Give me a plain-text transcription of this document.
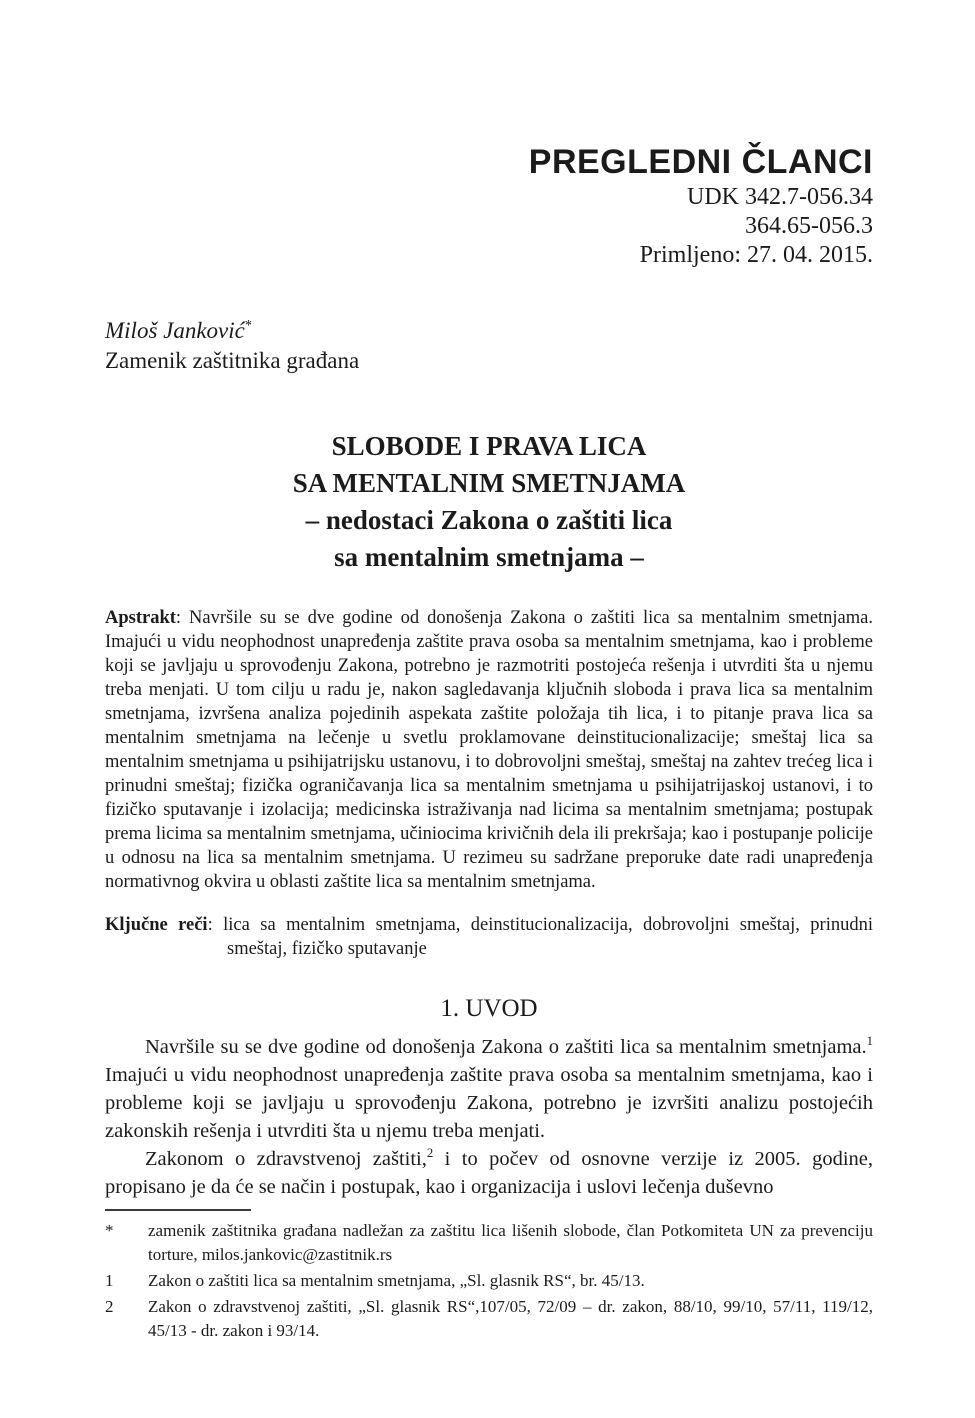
PREGLEDNI ČLANCI
UDK 342.7-056.34
364.65-056.3
Primljeno: 27. 04. 2015.
Miloš Janković*
Zamenik zaštitnika građana
SLOBODE I PRAVA LICA
SA MENTALNIM SMETNJAMA
– nedostaci Zakona o zaštiti lica
sa mentalnim smetnjama –

Apstrakt: Navršile su se dve godine od donošenja Zakona o zaštiti lica sa mentalnim smetnjama. Imajući u vidu neophodnost unapređenja zaštite prava osoba sa mentalnim smetnjama, kao i probleme koji se javljaju u sprovođenju Zakona, potrebno je razmotriti postojeća rešenja i utvrditi šta u njemu treba menjati. U tom cilju u radu je, nakon sagledavanja ključnih sloboda i prava lica sa mentalnim smetnjama, izvršena analiza pojedinih aspekata zaštite položaja tih lica, i to pitanje prava lica sa mentalnim smetnjama na lečenje u svetlu proklamovane deinstitucionalizacije; smeštaj lica sa mentalnim smetnjama u psihijatrijsku ustanovu, i to dobrovoljni smeštaj, smeštaj na zahtev trećeg lica i prinudni smeštaj; fizička ograničavanja lica sa mentalnim smetnjama u psihijatrijaskoj ustanovi, i to fizičko sputavanje i izolacija; medicinska istraživanja nad licima sa mentalnim smetnjama; postupak prema licima sa mentalnim smetnjama, učiniocima krivičnih dela ili prekršaja; kao i postupanje policije u odnosu na lica sa mentalnim smetnjama. U rezimeu su sadržane preporuke date radi unapređenja normativnog okvira u oblasti zaštite lica sa mentalnim smetnjama.

Ključne reči: lica sa mentalnim smetnjama, deinstitucionalizacija, dobrovoljni smeštaj, prinudni smeštaj, fizičko sputavanje

1. UVOD

Navršile su se dve godine od donošenja Zakona o zaštiti lica sa mentalnim smetnjama.$^1$ Imajući u vidu neophodnost unapređenja zaštite prava osoba sa mentalnim smetnjama, kao i probleme koji se javljaju u sprovođenju Zakona, potrebno je izvršiti analizu postojećih zakonskih rešenja i utvrditi šta u njemu treba menjati.

Zakonom o zdravstvenoj zaštiti,$^2$ i to počev od osnovne verzije iz 2005. godine, propisano je da će se način i postupak, kao i organizacija i uslovi lečenja duševno

* zamenik zaštitnika građana nadležan za zaštitu lica lišenih slobode, član Potkomiteta UN za prevenciju torture, milos.jankovic@zastitnik.rs
1 Zakon o zaštiti lica sa mentalnim smetnjama, „Sl. glasnik RS“, br. 45/13.
2 Zakon o zdravstvenoj zaštiti, „Sl. glasnik RS“,107/05, 72/09 – dr. zakon, 88/10, 99/10, 57/11, 119/12, 45/13 - dr. zakon i 93/14.
